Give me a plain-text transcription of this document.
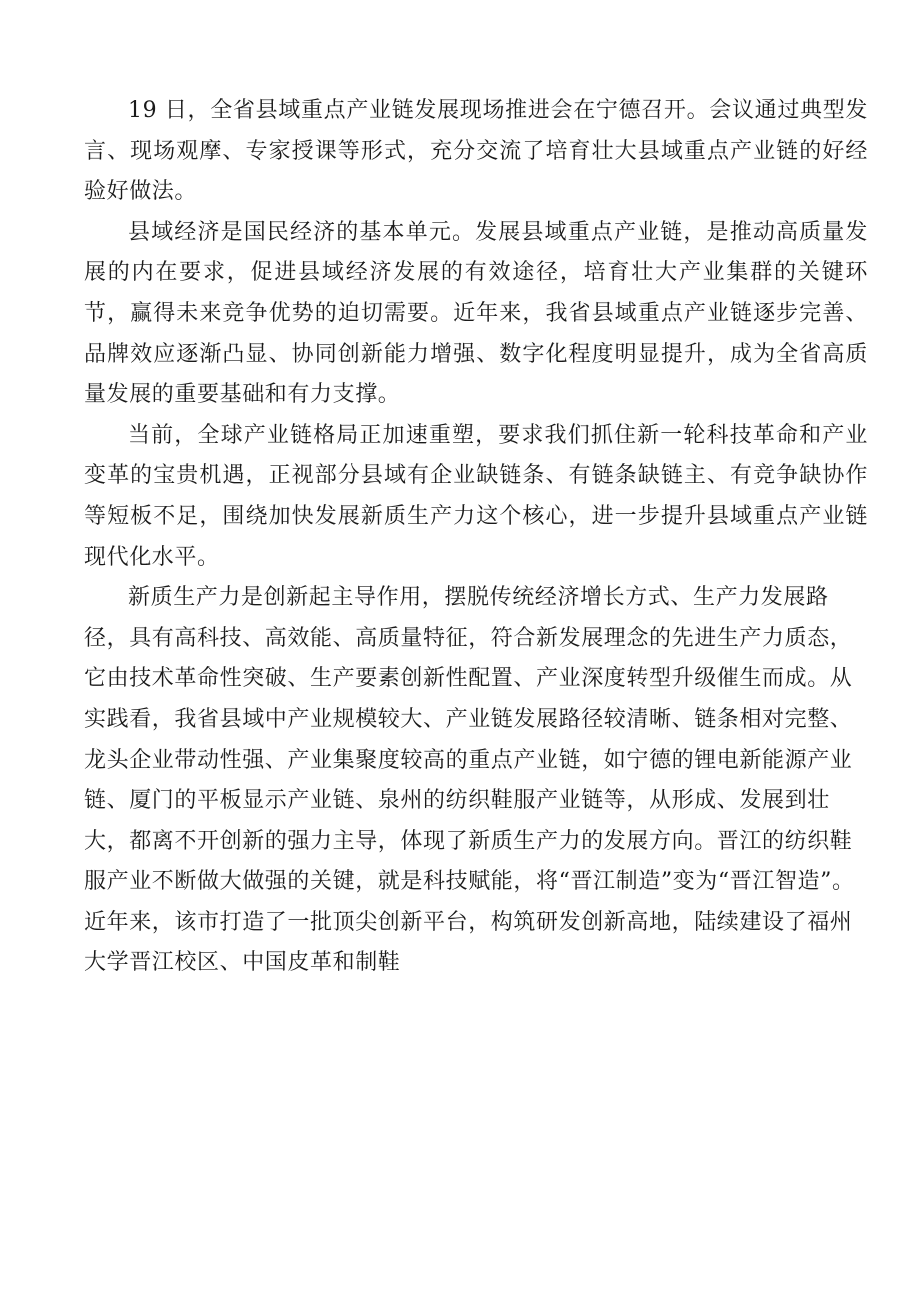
19 日，全省县域重点产业链发展现场推进会在宁德召开。会议通过典型发言、现场观摩、专家授课等形式，充分交流了培育壮大县域重点产业链的好经验好做法。

县域经济是国民经济的基本单元。发展县域重点产业链，是推动高质量发展的内在要求，促进县域经济发展的有效途径，培育壮大产业集群的关键环节，赢得未来竞争优势的迫切需要。近年来，我省县域重点产业链逐步完善、品牌效应逐渐凸显、协同创新能力增强、数字化程度明显提升，成为全省高质量发展的重要基础和有力支撑。

当前，全球产业链格局正加速重塑，要求我们抓住新一轮科技革命和产业变革的宝贵机遇，正视部分县域有企业缺链条、有链条缺链主、有竞争缺协作等短板不足，围绕加快发展新质生产力这个核心，进一步提升县域重点产业链现代化水平。

新质生产力是创新起主导作用，摆脱传统经济增长方式、生产力发展路径，具有高科技、高效能、高质量特征，符合新发展理念的先进生产力质态，它由技术革命性突破、生产要素创新性配置、产业深度转型升级催生而成。从实践看，我省县域中产业规模较大、产业链发展路径较清晰、链条相对完整、龙头企业带动性强、产业集聚度较高的重点产业链，如宁德的锂电新能源产业链、厦门的平板显示产业链、泉州的纺织鞋服产业链等，从形成、发展到壮大，都离不开创新的强力主导，体现了新质生产力的发展方向。晋江的纺织鞋服产业不断做大做强的关键，就是科技赋能，将“晋江制造”变为“晋江智造”。近年来，该市打造了一批顶尖创新平台，构筑研发创新高地，陆续建设了福州大学晋江校区、中国皮革和制鞋
